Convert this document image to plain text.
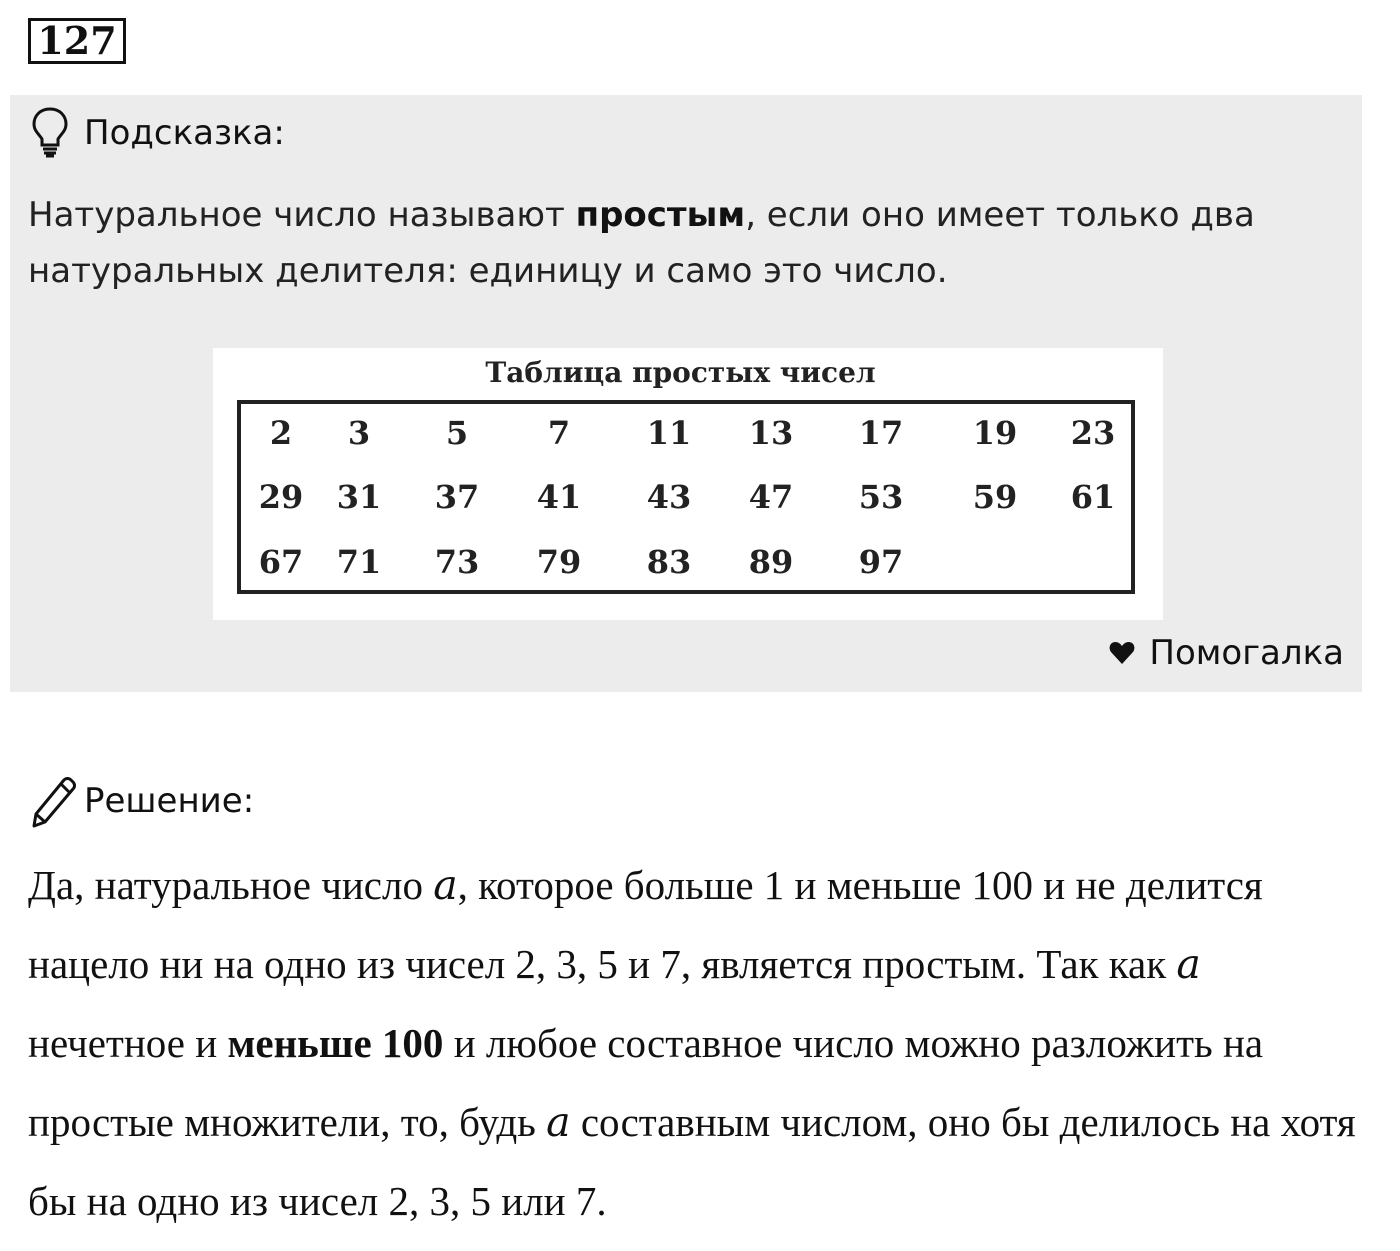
127
Подсказка:
Натуральное число называют простым, если оно имеет только два натуральных делителя: единицу и само это число.
Таблица простых чисел
2 3 5 7 11 13 17 19 23
29 31 37 41 43 47 53 59 61
67 71 73 79 83 89 97
Помогалка
Решение:
Да, натуральное число a, которое больше 1 и меньше 100 и не делится нацело ни на одно из чисел 2, 3, 5 и 7, является простым. Так как a нечетное и меньше 100 и любое составное число можно разложить на простые множители, то, будь a составным числом, оно бы делилось на хотя бы на одно из чисел 2, 3, 5 или 7.
